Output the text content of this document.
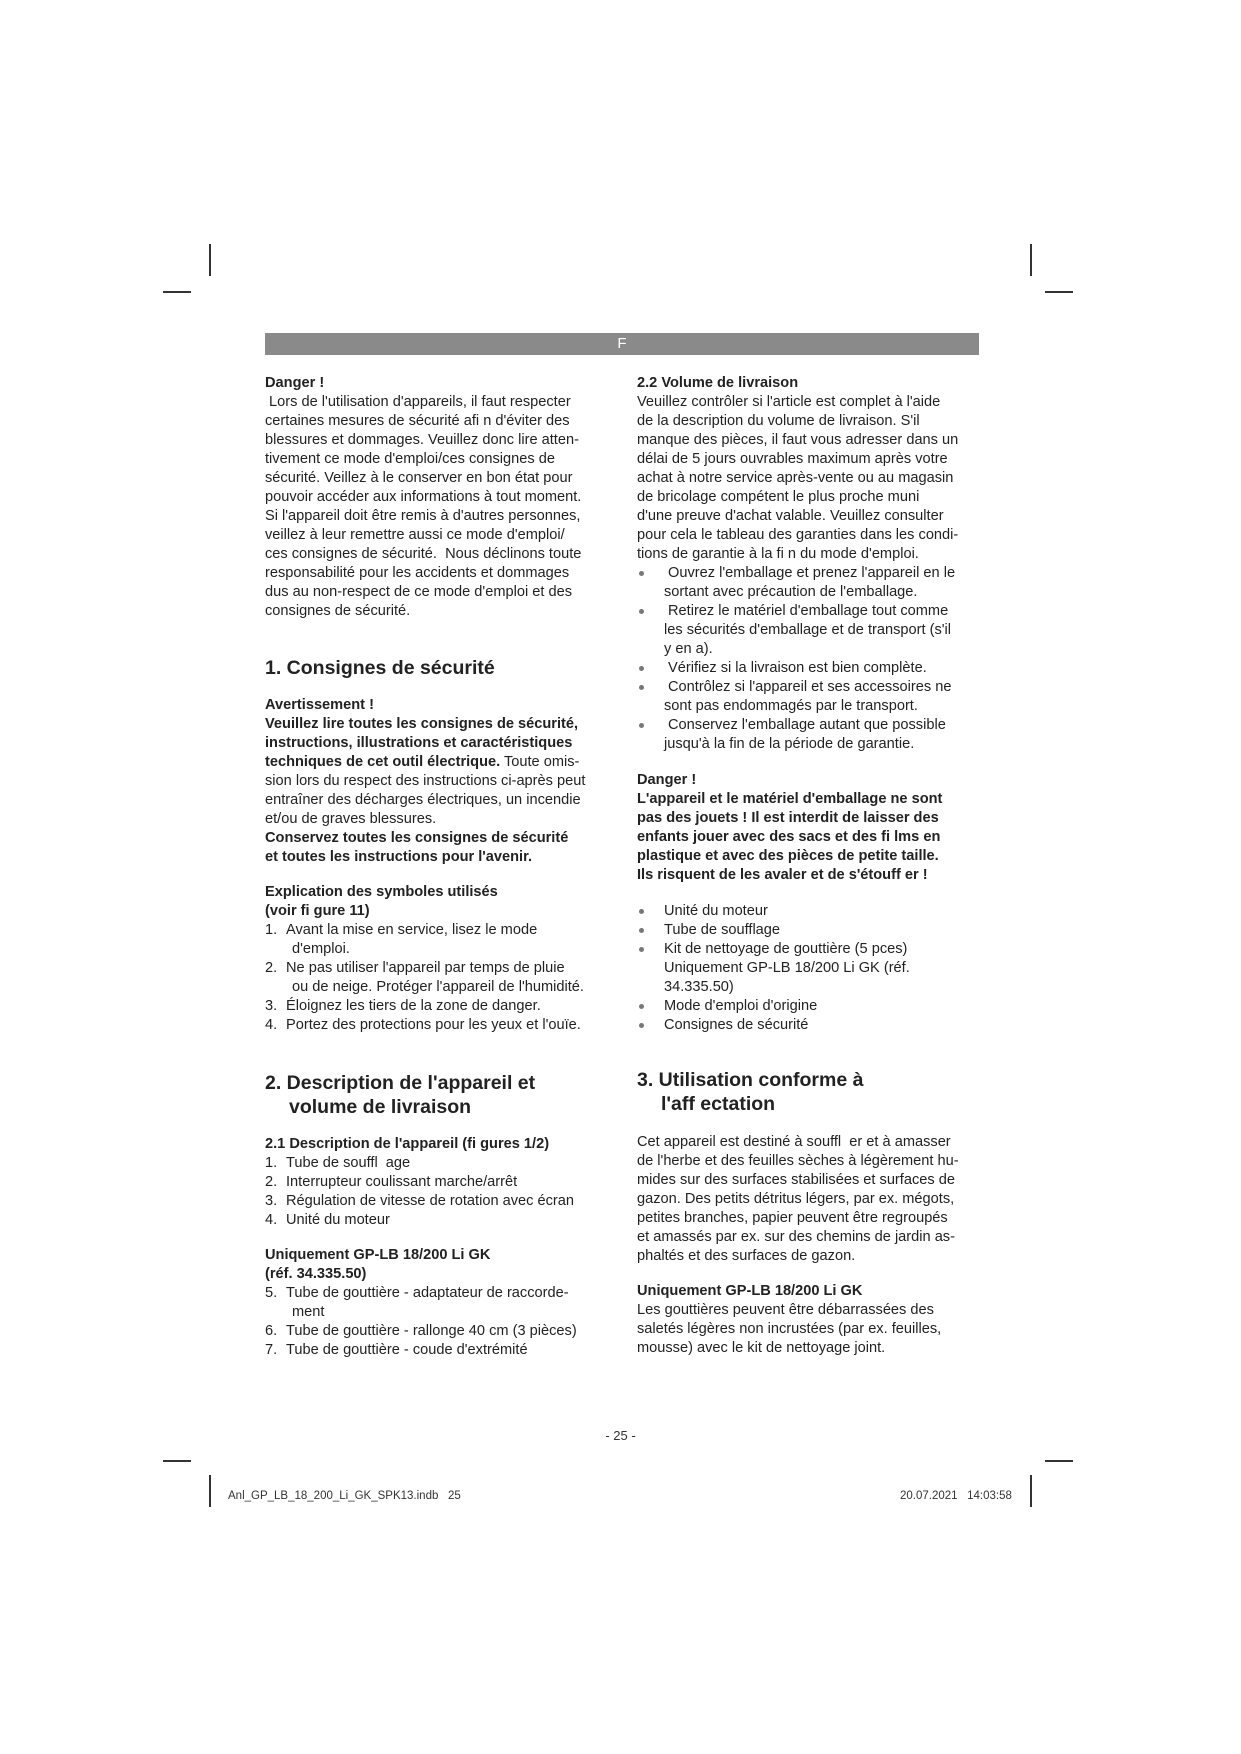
F

Danger !

Lors de l'utilisation d'appareils, il faut respecter
certaines mesures de sécurité afi n d'éviter des
blessures et dommages. Veuillez donc lire atten-
tivement ce mode d'emploi/ces consignes de
sécurité. Veillez à le conserver en bon état pour
pouvoir accéder aux informations à tout moment.
Si l'appareil doit être remis à d'autres personnes,
veillez à leur remettre aussi ce mode d'emploi/
ces consignes de sécurité.  Nous déclinons toute
responsabilité pour les accidents et dommages
dus au non-respect de ce mode d'emploi et des
consignes de sécurité.
1. Consignes de sécurité

Avertissement !

Veuillez lire toutes les consignes de sécurité,
instructions, illustrations et caractéristiques
techniques de cet outil électrique. Toute omis-
sion lors du respect des instructions ci-après peut
entraîner des décharges électriques, un incendie
et/ou de graves blessures.
Conservez toutes les consignes de sécurité
et toutes les instructions pour l'avenir.
Explication des symboles utilisés
(voir fi gure 11)
1. Avant la mise en service, lisez le mode
d'emploi.
2. Ne pas utiliser l'appareil par temps de pluie
ou de neige. Protéger l'appareil de l'humidité.
3. Éloignez les tiers de la zone de danger.
4. Portez des protections pour les yeux et l'ouïe.
2. Description de l'appareil et
volume de livraison

2.1 Description de l'appareil (fi gures 1/2)

1. Tube de souffl  age
2. Interrupteur coulissant marche/arrêt
3. Régulation de vitesse de rotation avec écran
4. Unité du moteur
Uniquement GP-LB 18/200 Li GK
(réf. 34.335.50)
5. Tube de gouttière - adaptateur de raccorde-
ment
6. Tube de gouttière - rallonge 40 cm (3 pièces)
7. Tube de gouttière - coude d'extrémité

2.2 Volume de livraison

Veuillez contrôler si l'article est complet à l'aide
de la description du volume de livraison. S'il
manque des pièces, il faut vous adresser dans un
délai de 5 jours ouvrables maximum après votre
achat à notre service après-vente ou au magasin
de bricolage compétent le plus proche muni
d'une preuve d'achat valable. Veuillez consulter
pour cela le tableau des garanties dans les condi-
tions de garantie à la fi n du mode d'emploi.
Ouvrez l'emballage et prenez l'appareil en le
sortant avec précaution de l'emballage.
Retirez le matériel d'emballage tout comme
les sécurités d'emballage et de transport (s'il
y en a).
Vérifiez si la livraison est bien complète.
Contrôlez si l'appareil et ses accessoires ne
sont pas endommagés par le transport.
Conservez l'emballage autant que possible
jusqu'à la fin de la période de garantie.

Danger !

L'appareil et le matériel d'emballage ne sont
pas des jouets ! Il est interdit de laisser des
enfants jouer avec des sacs et des fi lms en
plastique et avec des pièces de petite taille.
Ils risquent de les avaler et de s'étouff er !
Unité du moteur
Tube de soufflage
Kit de nettoyage de gouttière (5 pces)
Uniquement GP-LB 18/200 Li GK (réf.
34.335.50)
Mode d'emploi d'origine
Consignes de sécurité
3. Utilisation conforme à
l'aff ectation
Cet appareil est destiné à souffl  er et à amasser
de l'herbe et des feuilles sèches à légèrement hu-
mides sur des surfaces stabilisées et surfaces de
gazon. Des petits détritus légers, par ex. mégots,
petites branches, papier peuvent être regroupés
et amassés par ex. sur des chemins de jardin as-
phaltés et des surfaces de gazon.

Uniquement GP-LB 18/200 Li GK

Les gouttières peuvent être débarrassées des
saletés légères non incrustées (par ex. feuilles,
mousse) avec le kit de nettoyage joint.
- 25 -
Anl_GP_LB_18_200_Li_GK_SPK13.indb   25	20.07.2021   14:03:58
